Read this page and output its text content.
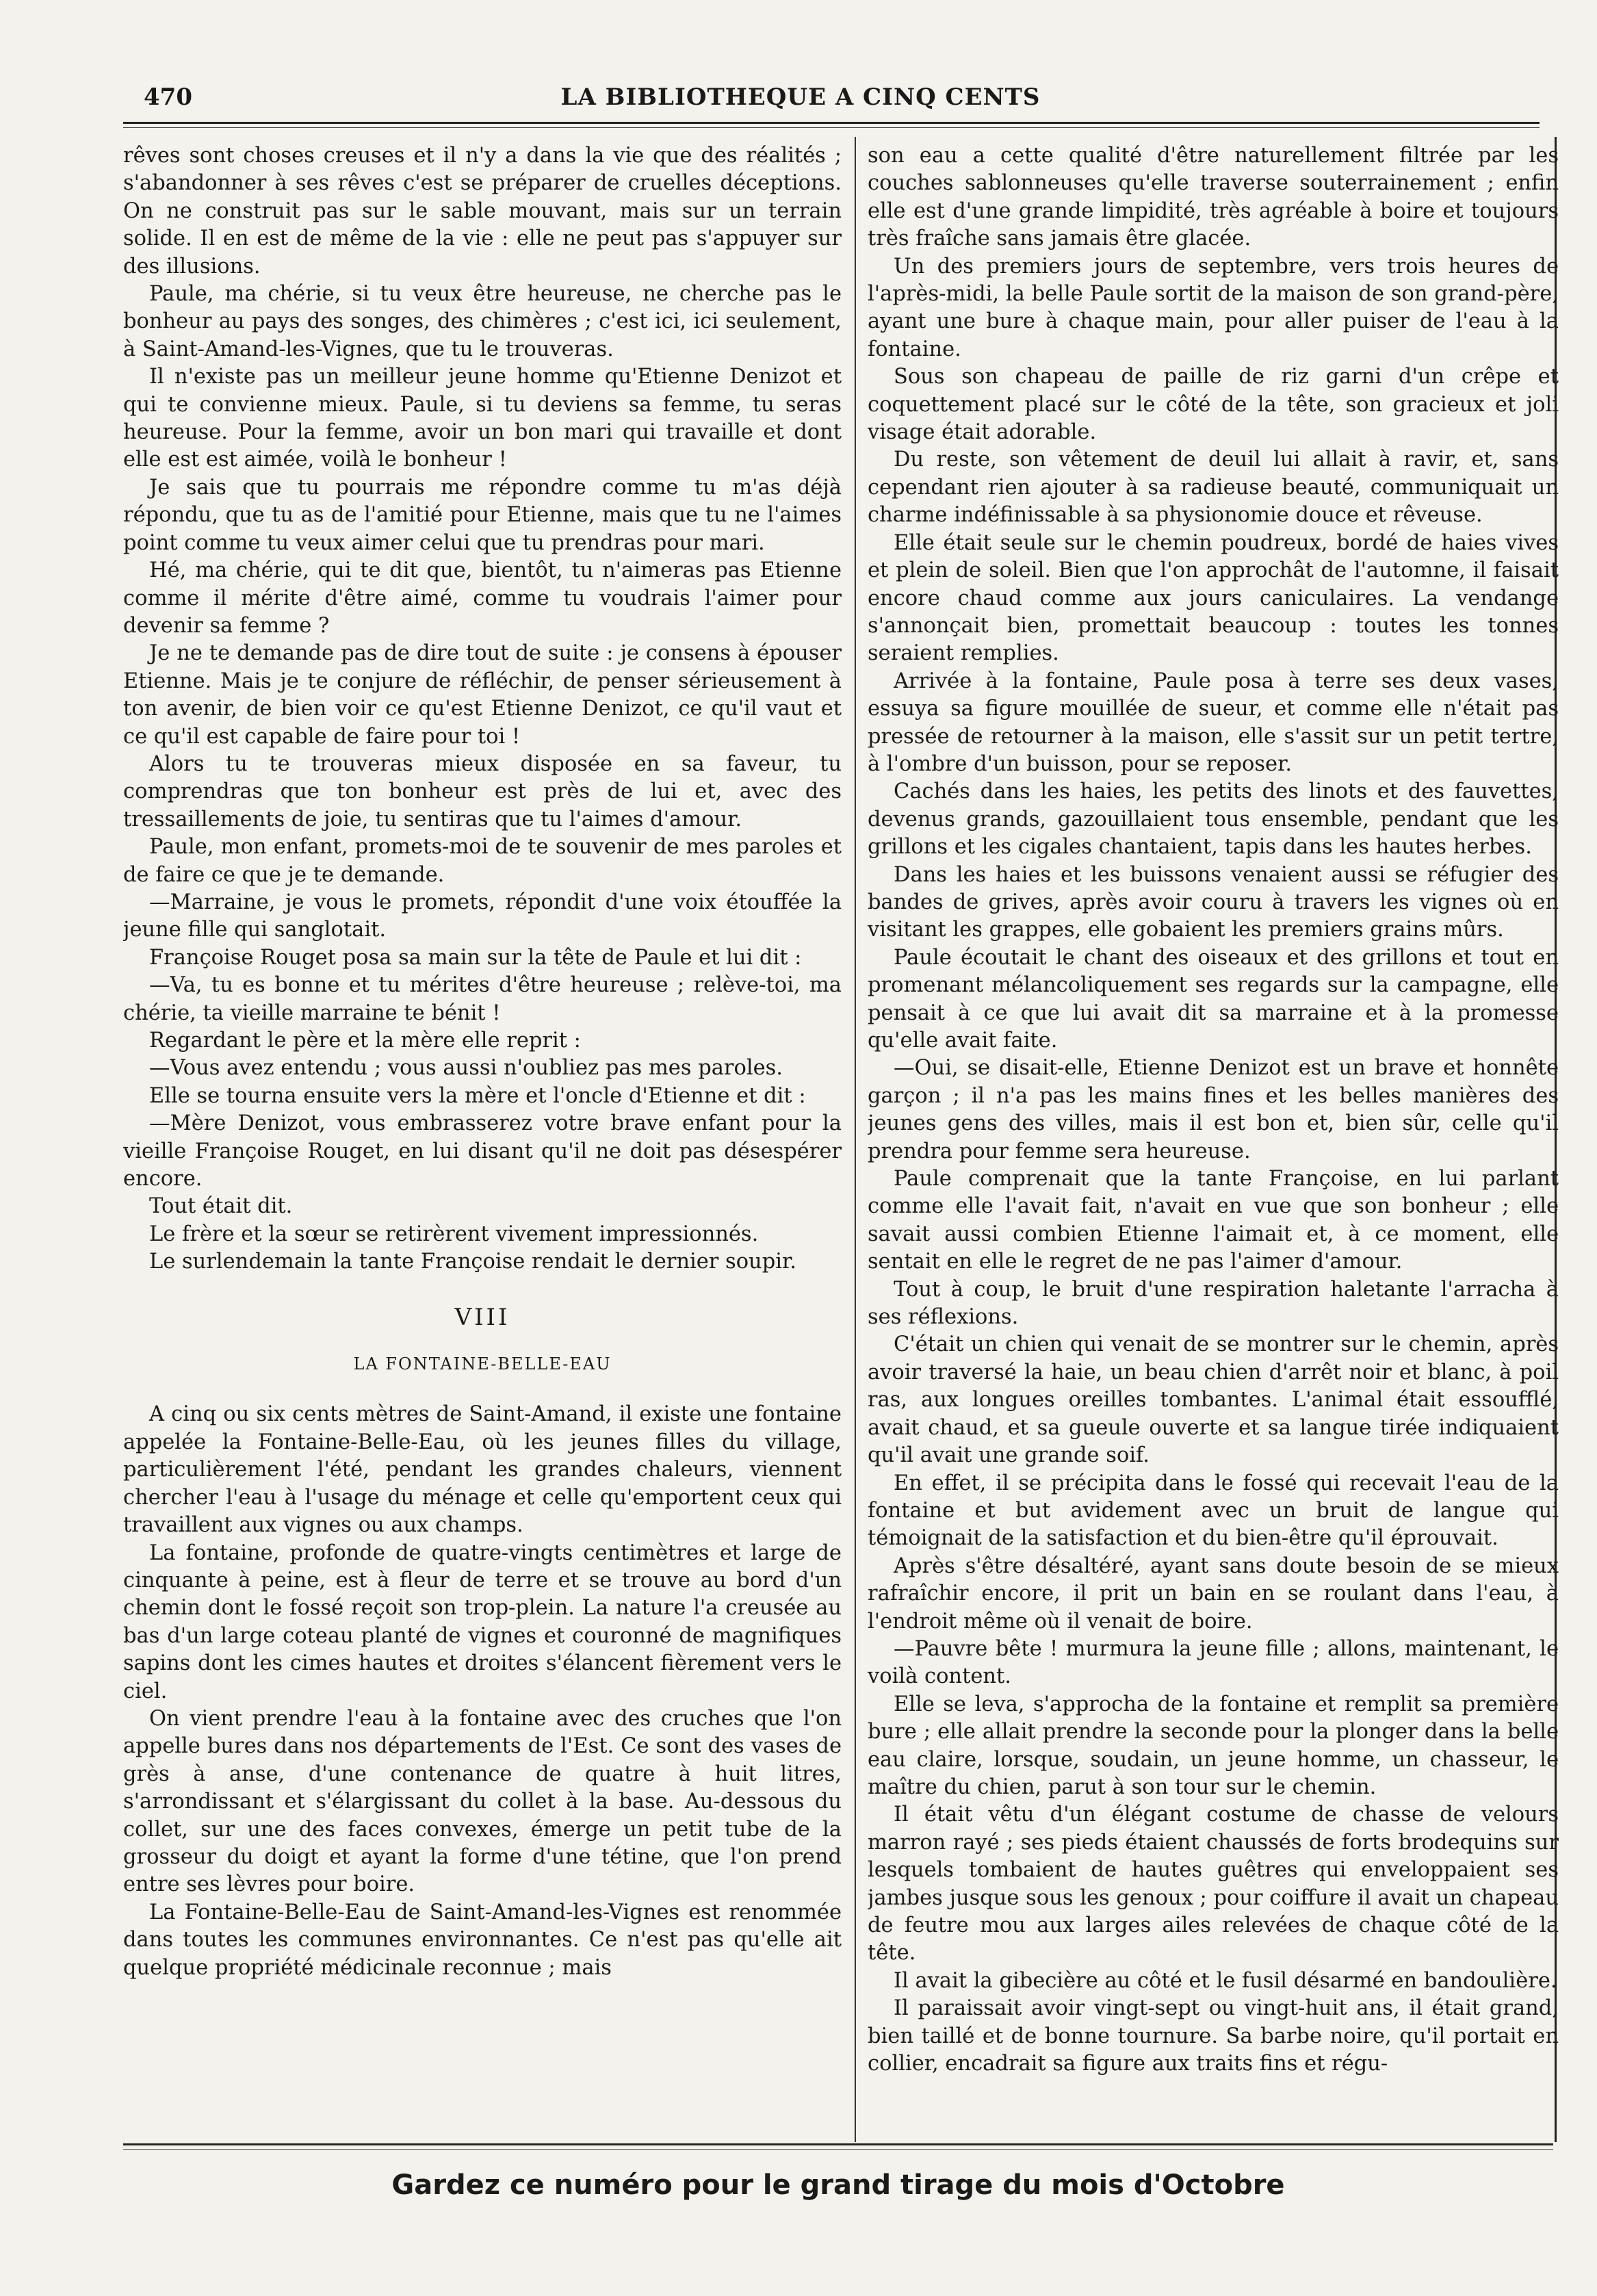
470	LA BIBLIOTHEQUE A CINQ CENTS

rêves sont choses creuses et il n'y a dans la vie que des réalités ; s'abandonner à ses rêves c'est se préparer de cruelles déceptions. On ne construit pas sur le sable mouvant, mais sur un terrain solide. Il en est de même de la vie : elle ne peut pas s'appuyer sur des illusions.

Paule, ma chérie, si tu veux être heureuse, ne cherche pas le bonheur au pays des songes, des chimères ; c'est ici, ici seulement, à Saint-Amand-les-Vignes, que tu le trouveras.

Il n'existe pas un meilleur jeune homme qu'Etienne Denizot et qui te convienne mieux. Paule, si tu deviens sa femme, tu seras heureuse. Pour la femme, avoir un bon mari qui travaille et dont elle est est aimée, voilà le bonheur !

Je sais que tu pourrais me répondre comme tu m'as déjà répondu, que tu as de l'amitié pour Etienne, mais que tu ne l'aimes point comme tu veux aimer celui que tu prendras pour mari.

Hé, ma chérie, qui te dit que, bientôt, tu n'aimeras pas Etienne comme il mérite d'être aimé, comme tu voudrais l'aimer pour devenir sa femme ?

Je ne te demande pas de dire tout de suite : je consens à épouser Etienne. Mais je te conjure de réfléchir, de penser sérieusement à ton avenir, de bien voir ce qu'est Etienne Denizot, ce qu'il vaut et ce qu'il est capable de faire pour toi !

Alors tu te trouveras mieux disposée en sa faveur, tu comprendras que ton bonheur est près de lui et, avec des tressaillements de joie, tu sentiras que tu l'aimes d'amour.

Paule, mon enfant, promets-moi de te souvenir de mes paroles et de faire ce que je te demande.

—Marraine, je vous le promets, répondit d'une voix étouffée la jeune fille qui sanglotait.

Françoise Rouget posa sa main sur la tête de Paule et lui dit :

—Va, tu es bonne et tu mérites d'être heureuse ; relève-toi, ma chérie, ta vieille marraine te bénit !

Regardant le père et la mère elle reprit :

—Vous avez entendu ; vous aussi n'oubliez pas mes paroles.

Elle se tourna ensuite vers la mère et l'oncle d'Etienne et dit :

—Mère Denizot, vous embrasserez votre brave enfant pour la vieille Françoise Rouget, en lui disant qu'il ne doit pas désespérer encore.

Tout était dit.

Le frère et la sœur se retirèrent vivement impressionnés.

Le surlendemain la tante Françoise rendait le dernier soupir.

VIII
LA FONTAINE-BELLE-EAU

A cinq ou six cents mètres de Saint-Amand, il existe une fontaine appelée la Fontaine-Belle-Eau, où les jeunes filles du village, particulièrement l'été, pendant les grandes chaleurs, viennent chercher l'eau à l'usage du ménage et celle qu'emportent ceux qui travaillent aux vignes ou aux champs.

La fontaine, profonde de quatre-vingts centimètres et large de cinquante à peine, est à fleur de terre et se trouve au bord d'un chemin dont le fossé reçoit son trop-plein. La nature l'a creusée au bas d'un large coteau planté de vignes et couronné de magnifiques sapins dont les cimes hautes et droites s'élancent fièrement vers le ciel.

On vient prendre l'eau à la fontaine avec des cruches que l'on appelle bures dans nos départements de l'Est. Ce sont des vases de grès à anse, d'une contenance de quatre à huit litres, s'arrondissant et s'élargissant du collet à la base. Au-dessous du collet, sur une des faces convexes, émerge un petit tube de la grosseur du doigt et ayant la forme d'une tétine, que l'on prend entre ses lèvres pour boire.

La Fontaine-Belle-Eau de Saint-Amand-les-Vignes est renommée dans toutes les communes environnantes. Ce n'est pas qu'elle ait quelque propriété médicinale reconnue ; mais

son eau a cette qualité d'être naturellement filtrée par les couches sablonneuses qu'elle traverse souterrainement ; enfin elle est d'une grande limpidité, très agréable à boire et toujours très fraîche sans jamais être glacée.

Un des premiers jours de septembre, vers trois heures de l'après-midi, la belle Paule sortit de la maison de son grand-père, ayant une bure à chaque main, pour aller puiser de l'eau à la fontaine.

Sous son chapeau de paille de riz garni d'un crêpe et coquettement placé sur le côté de la tête, son gracieux et joli visage était adorable.

Du reste, son vêtement de deuil lui allait à ravir, et, sans cependant rien ajouter à sa radieuse beauté, communiquait un charme indéfinissable à sa physionomie douce et rêveuse.

Elle était seule sur le chemin poudreux, bordé de haies vives et plein de soleil. Bien que l'on approchât de l'automne, il faisait encore chaud comme aux jours caniculaires. La vendange s'annonçait bien, promettait beaucoup : toutes les tonnes seraient remplies.

Arrivée à la fontaine, Paule posa à terre ses deux vases, essuya sa figure mouillée de sueur, et comme elle n'était pas pressée de retourner à la maison, elle s'assit sur un petit tertre, à l'ombre d'un buisson, pour se reposer.

Cachés dans les haies, les petits des linots et des fauvettes, devenus grands, gazouillaient tous ensemble, pendant que les grillons et les cigales chantaient, tapis dans les hautes herbes.

Dans les haies et les buissons venaient aussi se réfugier des bandes de grives, après avoir couru à travers les vignes où en visitant les grappes, elle gobaient les premiers grains mûrs.

Paule écoutait le chant des oiseaux et des grillons et tout en promenant mélancoliquement ses regards sur la campagne, elle pensait à ce que lui avait dit sa marraine et à la promesse qu'elle avait faite.

—Oui, se disait-elle, Etienne Denizot est un brave et honnête garçon ; il n'a pas les mains fines et les belles manières des jeunes gens des villes, mais il est bon et, bien sûr, celle qu'il prendra pour femme sera heureuse.

Paule comprenait que la tante Françoise, en lui parlant comme elle l'avait fait, n'avait en vue que son bonheur ; elle savait aussi combien Etienne l'aimait et, à ce moment, elle sentait en elle le regret de ne pas l'aimer d'amour.

Tout à coup, le bruit d'une respiration haletante l'arracha à ses réflexions.

C'était un chien qui venait de se montrer sur le chemin, après avoir traversé la haie, un beau chien d'arrêt noir et blanc, à poil ras, aux longues oreilles tombantes. L'animal était essoufflé, avait chaud, et sa gueule ouverte et sa langue tirée indiquaient qu'il avait une grande soif.

En effet, il se précipita dans le fossé qui recevait l'eau de la fontaine et but avidement avec un bruit de langue qui témoignait de la satisfaction et du bien-être qu'il éprouvait.

Après s'être désaltéré, ayant sans doute besoin de se mieux rafraîchir encore, il prit un bain en se roulant dans l'eau, à l'endroit même où il venait de boire.

—Pauvre bête ! murmura la jeune fille ; allons, maintenant, le voilà content.

Elle se leva, s'approcha de la fontaine et remplit sa première bure ; elle allait prendre la seconde pour la plonger dans la belle eau claire, lorsque, soudain, un jeune homme, un chasseur, le maître du chien, parut à son tour sur le chemin.

Il était vêtu d'un élégant costume de chasse de velours marron rayé ; ses pieds étaient chaussés de forts brodequins sur lesquels tombaient de hautes guêtres qui enveloppaient ses jambes jusque sous les genoux ; pour coiffure il avait un chapeau de feutre mou aux larges ailes relevées de chaque côté de la tête.

Il avait la gibecière au côté et le fusil désarmé en bandoulière.

Il paraissait avoir vingt-sept ou vingt-huit ans, il était grand, bien taillé et de bonne tournure. Sa barbe noire, qu'il portait en collier, encadrait sa figure aux traits fins et régu-

Gardez ce numéro pour le grand tirage du mois d'Octobre
